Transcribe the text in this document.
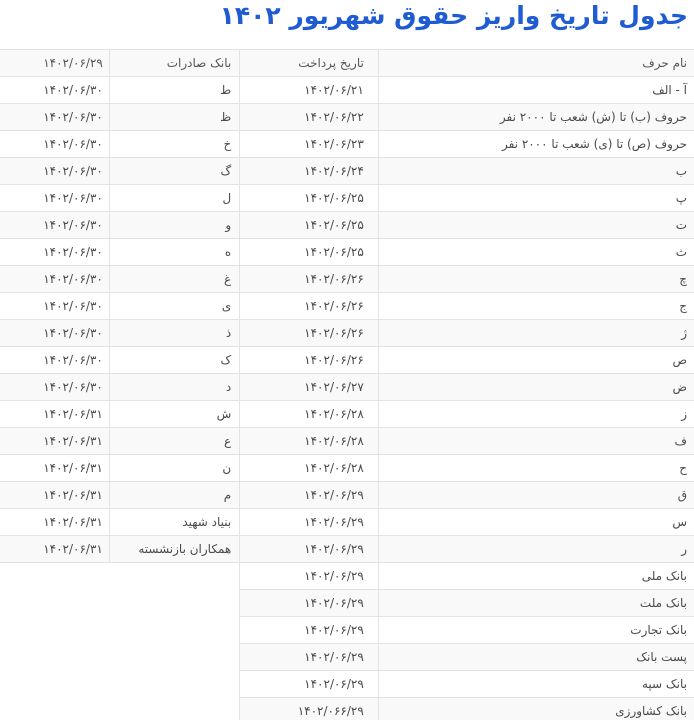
جدول تاریخ واریز حقوق شهریور ۱۴۰۲
نام حرف	تاریخ پرداخت	بانک صادرات	۱۴۰۲/۰۶/۲۹
آ - الف	۱۴۰۲/۰۶/۲۱	ط	۱۴۰۲/۰۶/۳۰
حروف (ب) تا (ش) شعب تا ۲۰۰۰ نفر	۱۴۰۲/۰۶/۲۲	ظ	۱۴۰۲/۰۶/۳۰
حروف (ص) تا (ی) شعب تا ۲۰۰۰ نفر	۱۴۰۲/۰۶/۲۳	خ	۱۴۰۲/۰۶/۳۰
ب	۱۴۰۲/۰۶/۲۴	گ	۱۴۰۲/۰۶/۳۰
پ	۱۴۰۲/۰۶/۲۵	ل	۱۴۰۲/۰۶/۳۰
ت	۱۴۰۲/۰۶/۲۵	و	۱۴۰۲/۰۶/۳۰
ث	۱۴۰۲/۰۶/۲۵	ه	۱۴۰۲/۰۶/۳۰
چ	۱۴۰۲/۰۶/۲۶	غ	۱۴۰۲/۰۶/۳۰
ج	۱۴۰۲/۰۶/۲۶	ی	۱۴۰۲/۰۶/۳۰
ژ	۱۴۰۲/۰۶/۲۶	ذ	۱۴۰۲/۰۶/۳۰
ص	۱۴۰۲/۰۶/۲۶	ک	۱۴۰۲/۰۶/۳۰
ض	۱۴۰۲/۰۶/۲۷	د	۱۴۰۲/۰۶/۳۰
ز	۱۴۰۲/۰۶/۲۸	ش	۱۴۰۲/۰۶/۳۱
ف	۱۴۰۲/۰۶/۲۸	ع	۱۴۰۲/۰۶/۳۱
ح	۱۴۰۲/۰۶/۲۸	ن	۱۴۰۲/۰۶/۳۱
ق	۱۴۰۲/۰۶/۲۹	م	۱۴۰۲/۰۶/۳۱
س	۱۴۰۲/۰۶/۲۹	بنیاد شهید	۱۴۰۲/۰۶/۳۱
ر	۱۴۰۲/۰۶/۲۹	همکاران بازنشسته	۱۴۰۲/۰۶/۳۱
بانک ملی	۱۴۰۲/۰۶/۲۹		
بانک ملت	۱۴۰۲/۰۶/۲۹		
بانک تجارت	۱۴۰۲/۰۶/۲۹		
پست بانک	۱۴۰۲/۰۶/۲۹		
بانک سپه	۱۴۰۲/۰۶/۲۹		
بانک کشاورزی	۱۴۰۲/۰۶۶/۲۹		
